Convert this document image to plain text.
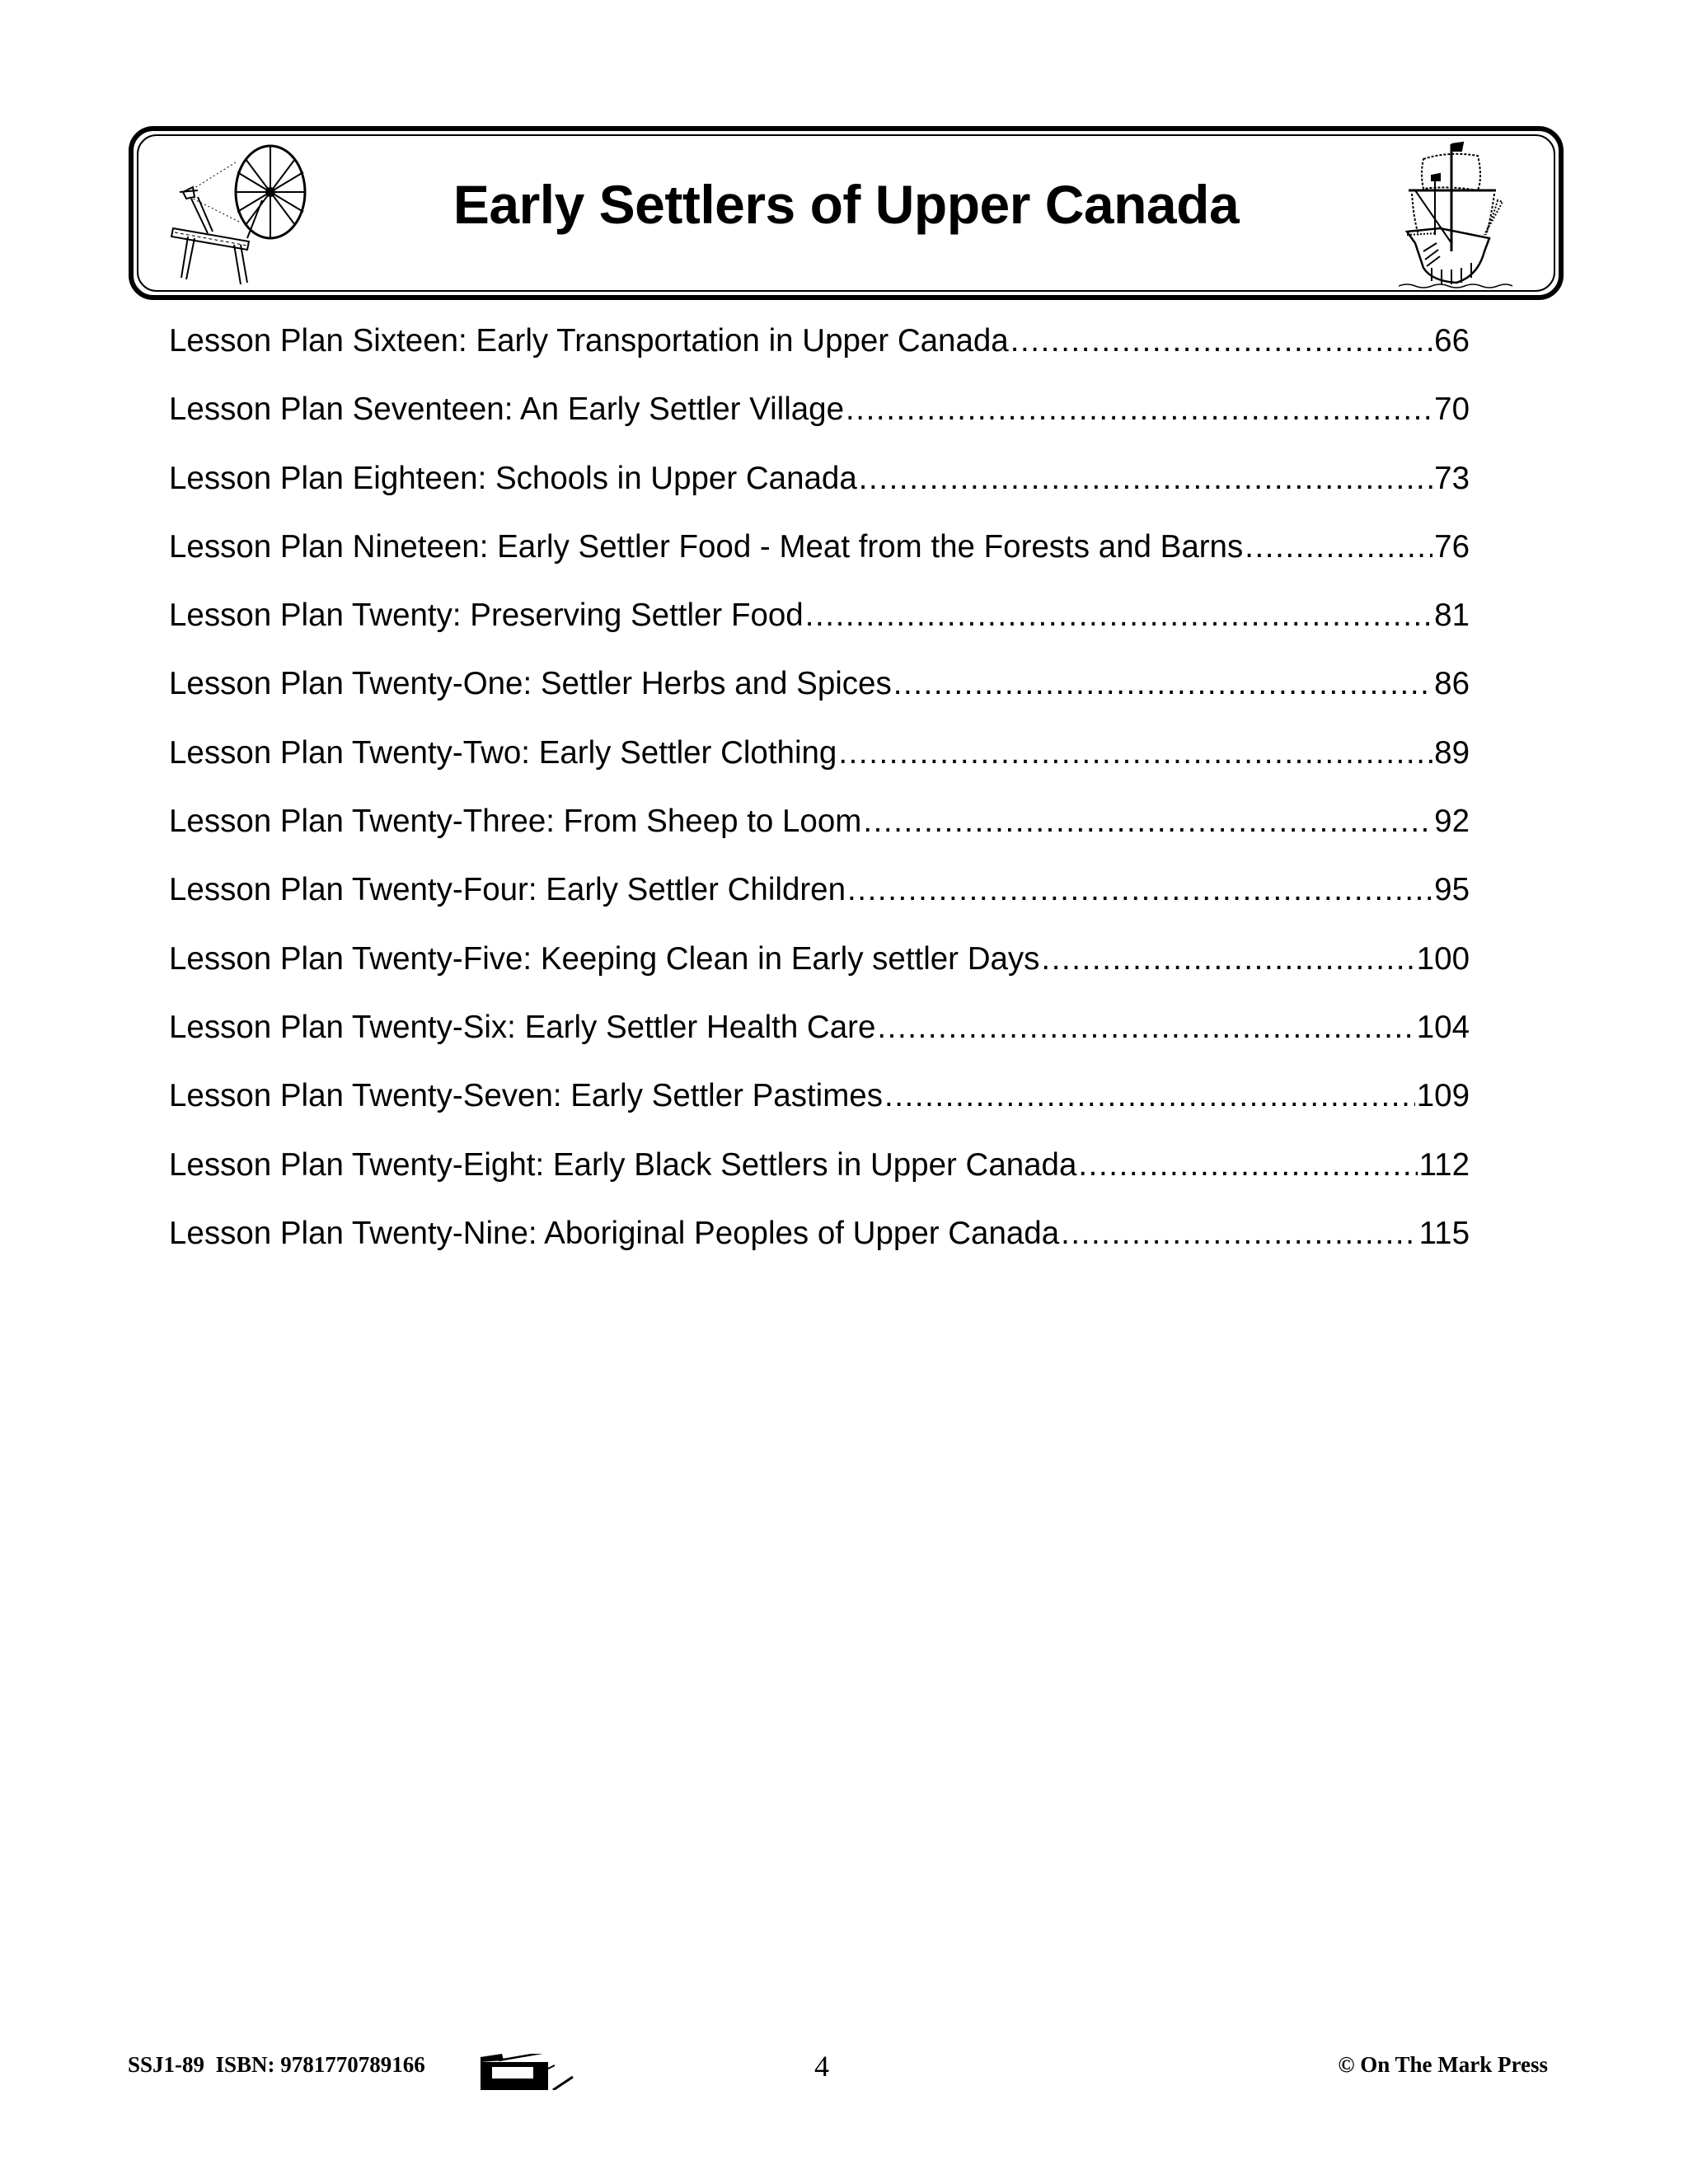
Early Settlers of Upper Canada
Lesson Plan Sixteen: Early Transportation in Upper Canada .....	66
Lesson Plan Seventeen: An Early Settler Village .....	70
Lesson Plan Eighteen: Schools in Upper Canada .....	73
Lesson Plan Nineteen: Early Settler Food - Meat from the Forests and Barns .....	76
Lesson Plan Twenty: Preserving Settler Food .....	81
Lesson Plan Twenty-One: Settler Herbs and Spices .....	86
Lesson Plan Twenty-Two: Early Settler Clothing .....	89
Lesson Plan Twenty-Three: From Sheep to Loom .....	92
Lesson Plan Twenty-Four: Early Settler Children .....	95
Lesson Plan Twenty-Five: Keeping Clean in Early settler Days .....	100
Lesson Plan Twenty-Six: Early Settler Health Care .....	104
Lesson Plan Twenty-Seven: Early Settler Pastimes .....	109
Lesson Plan Twenty-Eight: Early Black Settlers in Upper Canada .....	112
Lesson Plan Twenty-Nine: Aboriginal Peoples of Upper Canada .....	115
SSJ1-89  ISBN: 9781770789166	4	© On The Mark Press
